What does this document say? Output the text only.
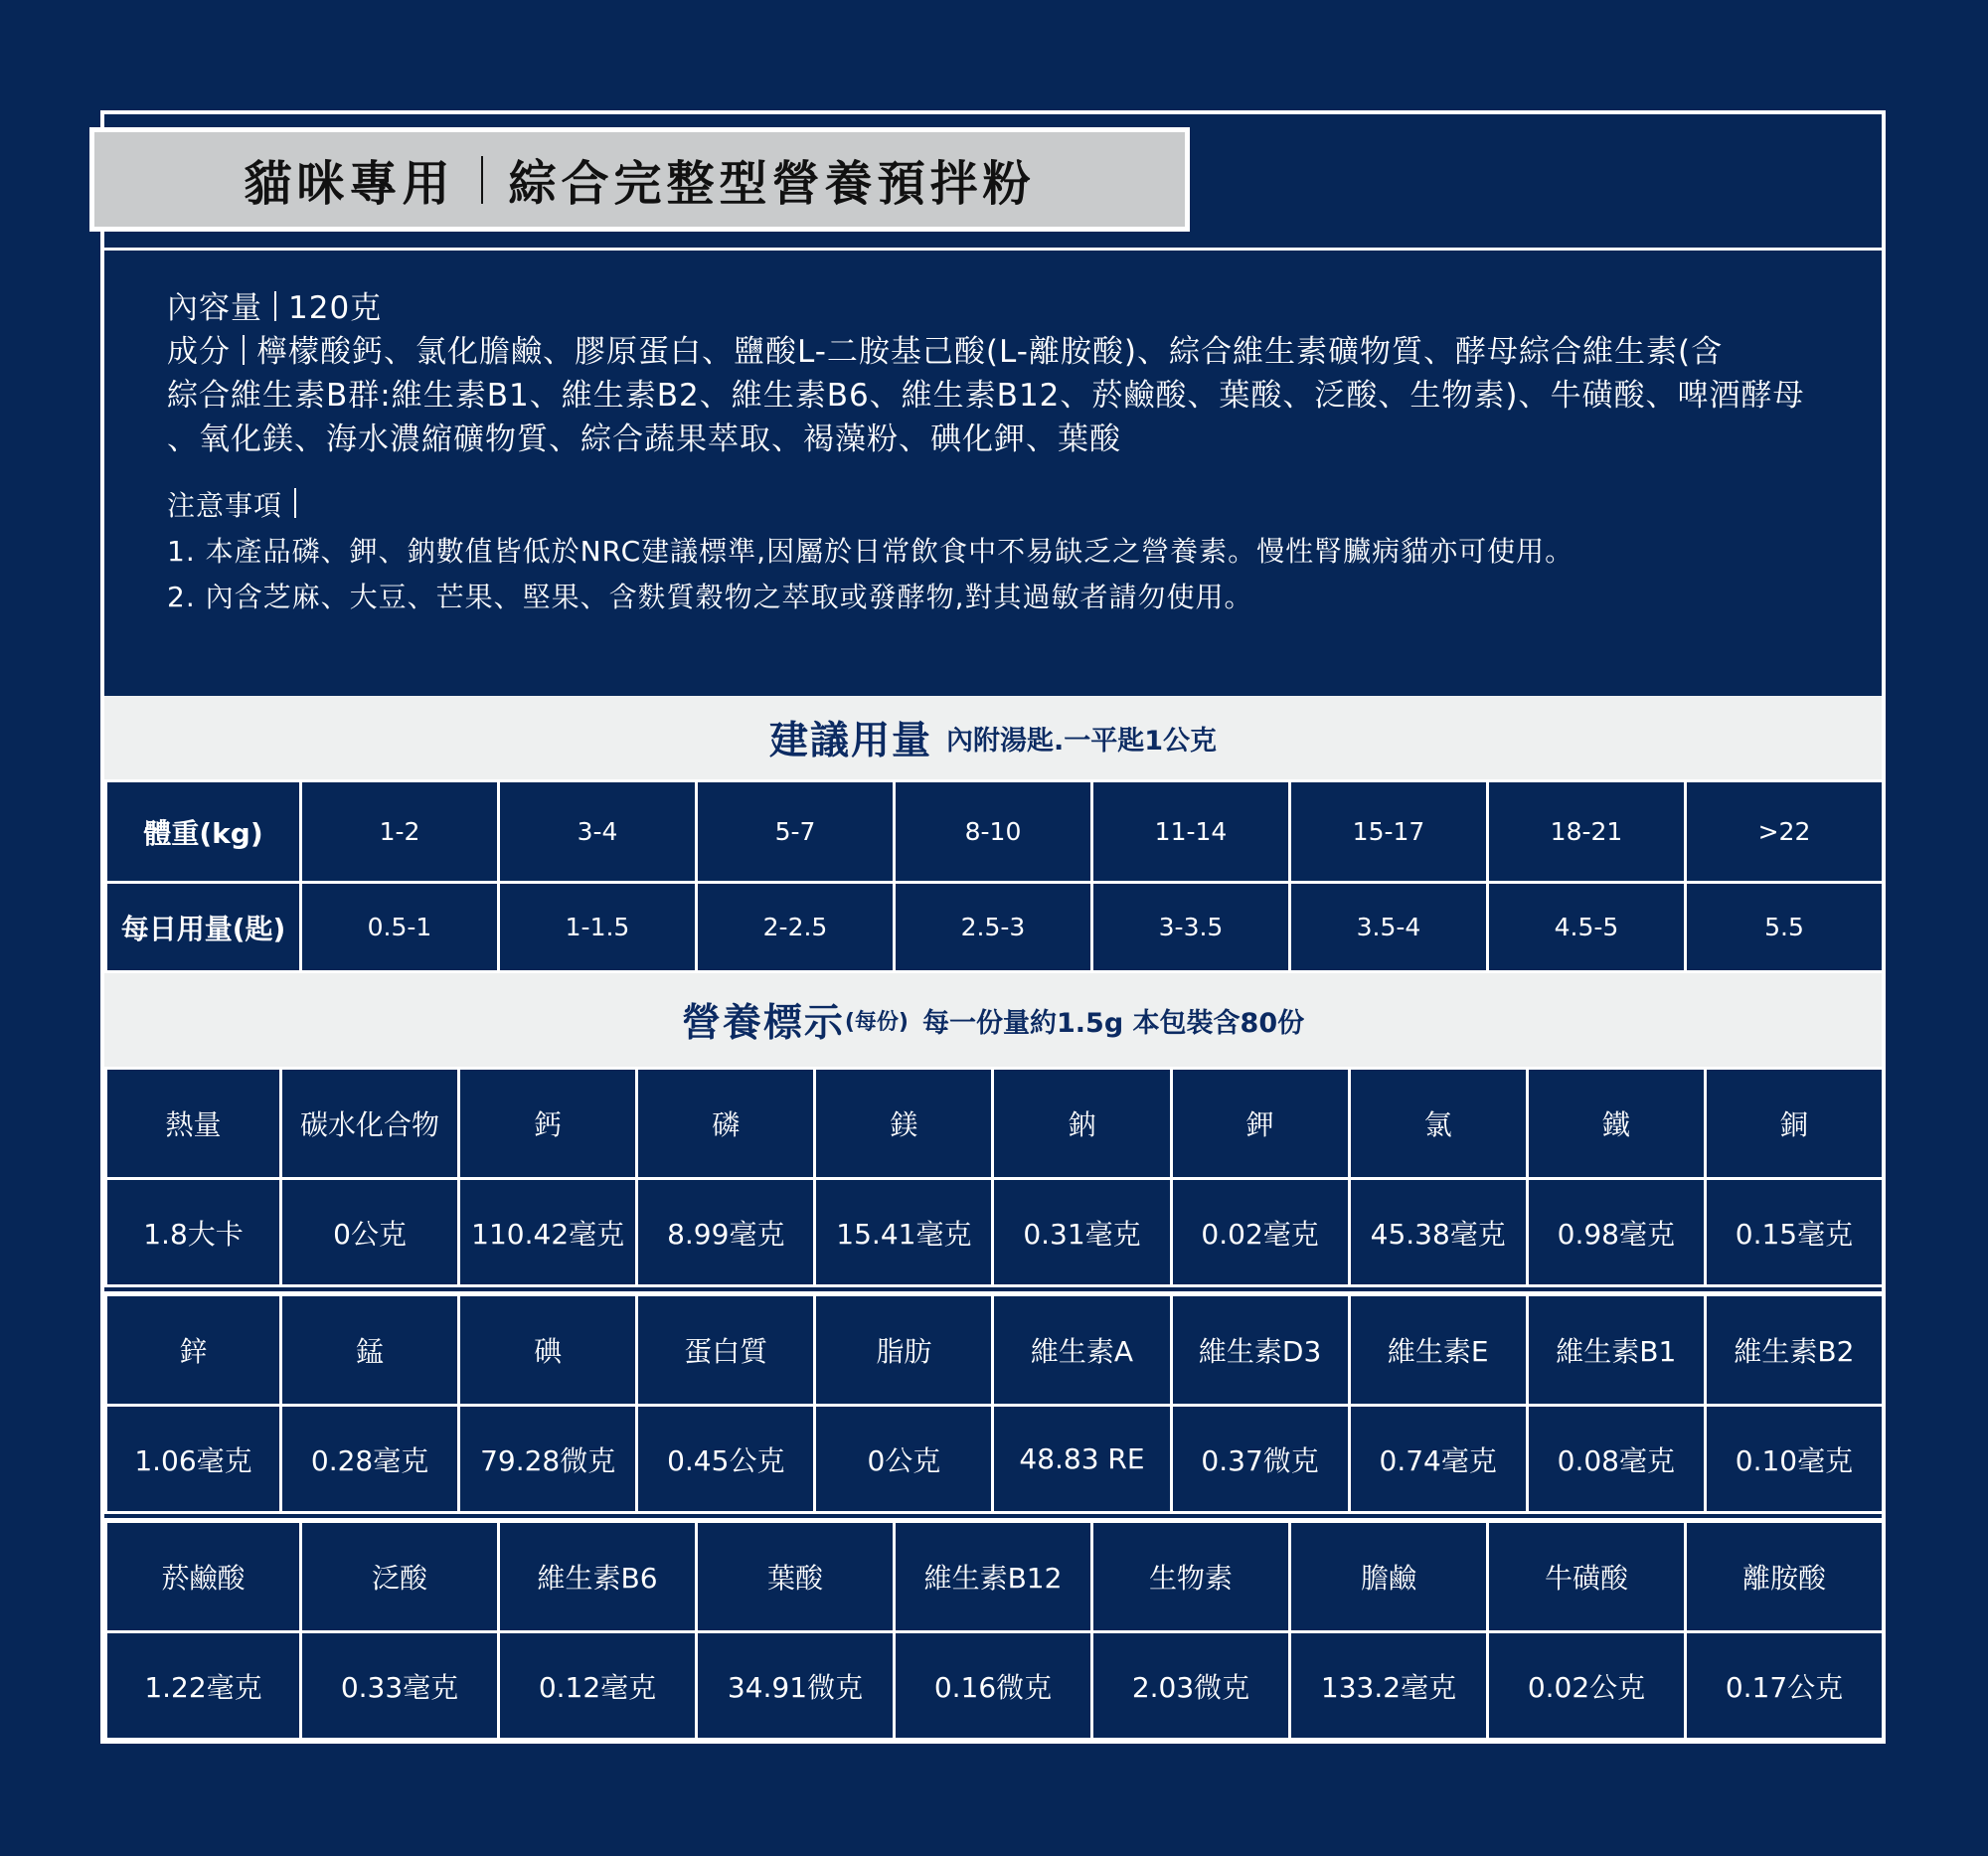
貓咪專用 綜合完整型營養預拌粉

內容量 120克

成分 檸檬酸鈣、氯化膽鹼、膠原蛋白、鹽酸L-二胺基己酸(L-離胺酸)、綜合維生素礦物質、酵母綜合維生素(含

綜合維生素B群:維生素B1、維生素B2、維生素B6、維生素B12、菸鹼酸、葉酸、泛酸、生物素)、牛磺酸、啤酒酵母

、氧化鎂、海水濃縮礦物質、綜合蔬果萃取、褐藻粉、碘化鉀、葉酸

注意事項

1. 本產品磷、鉀、鈉數值皆低於NRC建議標準,因屬於日常飲食中不易缺乏之營養素。慢性腎臟病貓亦可使用。

2. 內含芝麻、大豆、芒果、堅果、含麩質穀物之萃取或發酵物,對其過敏者請勿使用。

建議用量 內附湯匙.一平匙1公克
體重(kg)	1-2	3-4	5-7	8-10	11-14	15-17	18-21	>22
每日用量(匙)	0.5-1	1-1.5	2-2.5	2.5-3	3-3.5	3.5-4	4.5-5	5.5
營養標示 (每份) 每一份量約1.5g 本包裝含80份
熱量	碳水化合物	鈣	磷	鎂	鈉	鉀	氯	鐵	銅
1.8大卡	0公克	110.42毫克	8.99毫克	15.41毫克	0.31毫克	0.02毫克	45.38毫克	0.98毫克	0.15毫克
鋅	錳	碘	蛋白質	脂肪	維生素A	維生素D3	維生素E	維生素B1	維生素B2
1.06毫克	0.28毫克	79.28微克	0.45公克	0公克	48.83 RE	0.37微克	0.74毫克	0.08毫克	0.10毫克
菸鹼酸	泛酸	維生素B6	葉酸	維生素B12	生物素	膽鹼	牛磺酸	離胺酸
1.22毫克	0.33毫克	0.12毫克	34.91微克	0.16微克	2.03微克	133.2毫克	0.02公克	0.17公克
